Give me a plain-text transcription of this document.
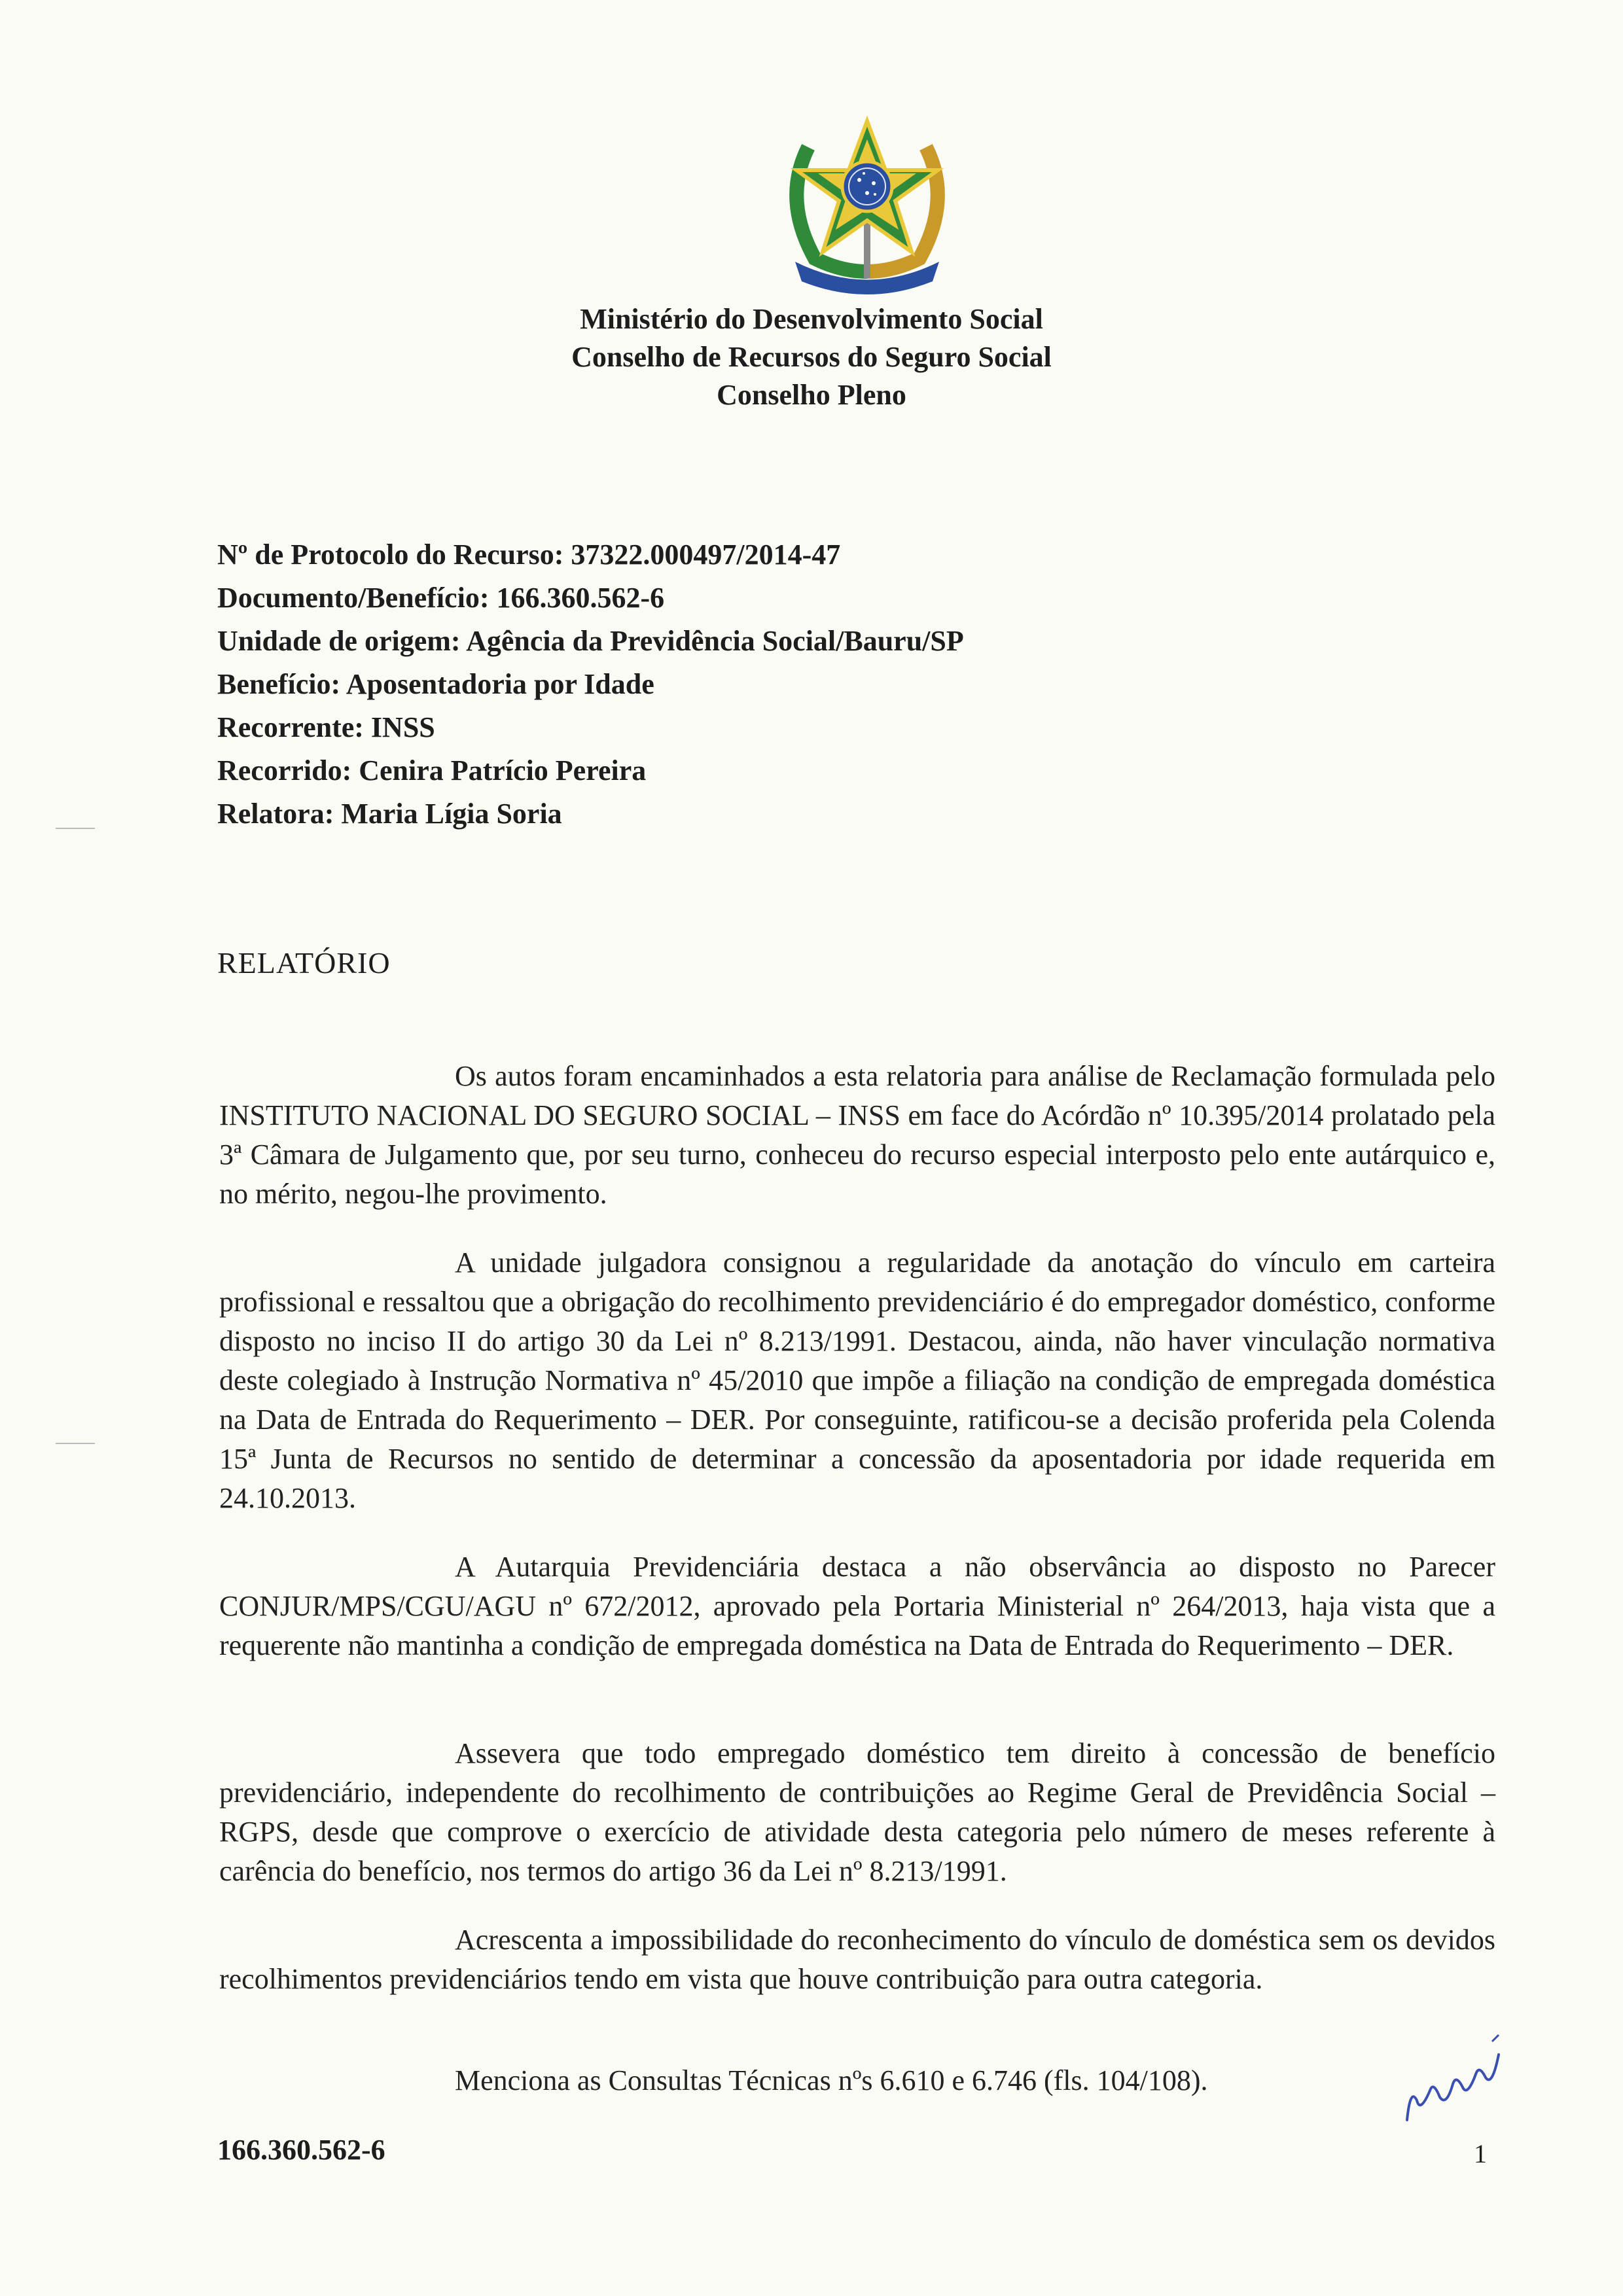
Ministério do Desenvolvimento Social
Conselho de Recursos do Seguro Social
Conselho Pleno
Nº de Protocolo do Recurso: 37322.000497/2014-47
Documento/Benefício: 166.360.562-6
Unidade de origem: Agência da Previdência Social/Bauru/SP
Benefício: Aposentadoria por Idade
Recorrente: INSS
Recorrido: Cenira Patrício Pereira
Relatora: Maria Lígia Soria
RELATÓRIO
Os autos foram encaminhados a esta relatoria para análise de Reclamação formulada pelo INSTITUTO NACIONAL DO SEGURO SOCIAL – INSS em face do Acórdão nº 10.395/2014 prolatado pela 3ª Câmara de Julgamento que, por seu turno, conheceu do recurso especial interposto pelo ente autárquico e, no mérito, negou-lhe provimento.
A unidade julgadora consignou a regularidade da anotação do vínculo em carteira profissional e ressaltou que a obrigação do recolhimento previdenciário é do empregador doméstico, conforme disposto no inciso II do artigo 30 da Lei nº 8.213/1991. Destacou, ainda, não haver vinculação normativa deste colegiado à Instrução Normativa nº 45/2010 que impõe a filiação na condição de empregada doméstica na Data de Entrada do Requerimento – DER. Por conseguinte, ratificou-se a decisão proferida pela Colenda 15ª Junta de Recursos no sentido de determinar a concessão da aposentadoria por idade requerida em 24.10.2013.
A Autarquia Previdenciária destaca a não observância ao disposto no Parecer CONJUR/MPS/CGU/AGU nº 672/2012, aprovado pela Portaria Ministerial nº 264/2013, haja vista que a requerente não mantinha a condição de empregada doméstica na Data de Entrada do Requerimento – DER.
Assevera que todo empregado doméstico tem direito à concessão de benefício previdenciário, independente do recolhimento de contribuições ao Regime Geral de Previdência Social – RGPS, desde que comprove o exercício de atividade desta categoria pelo número de meses referente à carência do benefício, nos termos do artigo 36 da Lei nº 8.213/1991.
Acrescenta a impossibilidade do reconhecimento do vínculo de doméstica sem os devidos recolhimentos previdenciários tendo em vista que houve contribuição para outra categoria.
Menciona as Consultas Técnicas nºs 6.610 e 6.746 (fls. 104/108).
166.360.562-6	1
